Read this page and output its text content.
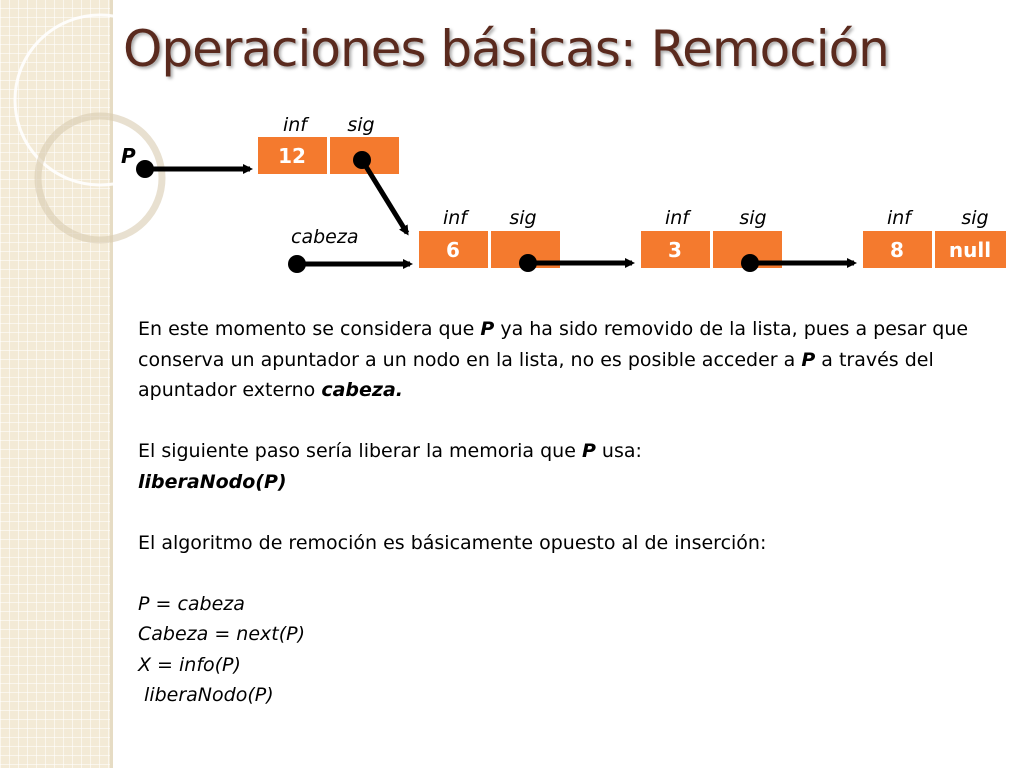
Operaciones básicas: Remoción
12
inf sig
6
inf sig
3
inf	sig
8 null
inf	sig
P
cabeza

En este momento se considera que P ya ha sido removido de la lista, pues a pesar que conserva un apuntador a un nodo en la lista, no es posible acceder a P a través del apuntador externo cabeza.

El siguiente paso sería liberar la memoria que P usa:

liberaNodo(P)

El algoritmo de remoción es básicamente opuesto al de inserción:

P = cabeza

Cabeza = next(P)

X = info(P)

liberaNodo(P)
